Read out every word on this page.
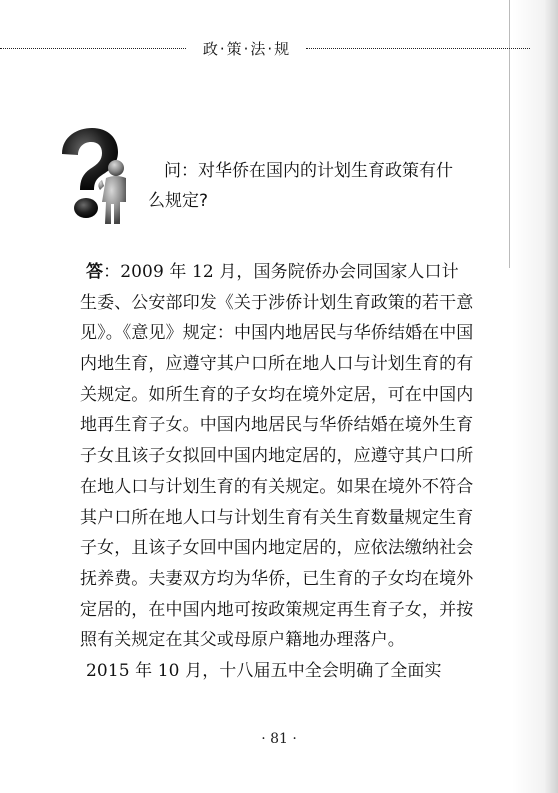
政·策·法·规
问：对华侨在国内的计划生育政策有什
么规定?
答：2009 年 12 月，国务院侨办会同国家人口计
生委、公安部印发《关于涉侨计划生育政策的若干意
见》。《意见》规定：中国内地居民与华侨结婚在中国
内地生育，应遵守其户口所在地人口与计划生育的有
关规定。如所生育的子女均在境外定居，可在中国内
地再生育子女。中国内地居民与华侨结婚在境外生育
子女且该子女拟回中国内地定居的，应遵守其户口所
在地人口与计划生育的有关规定。如果在境外不符合
其户口所在地人口与计划生育有关生育数量规定生育
子女，且该子女回中国内地定居的，应依法缴纳社会
抚养费。夫妻双方均为华侨，已生育的子女均在境外
定居的，在中国内地可按政策规定再生育子女，并按
照有关规定在其父或母原户籍地办理落户。
2015 年 10 月，十八届五中全会明确了全面实
· 81 ·
